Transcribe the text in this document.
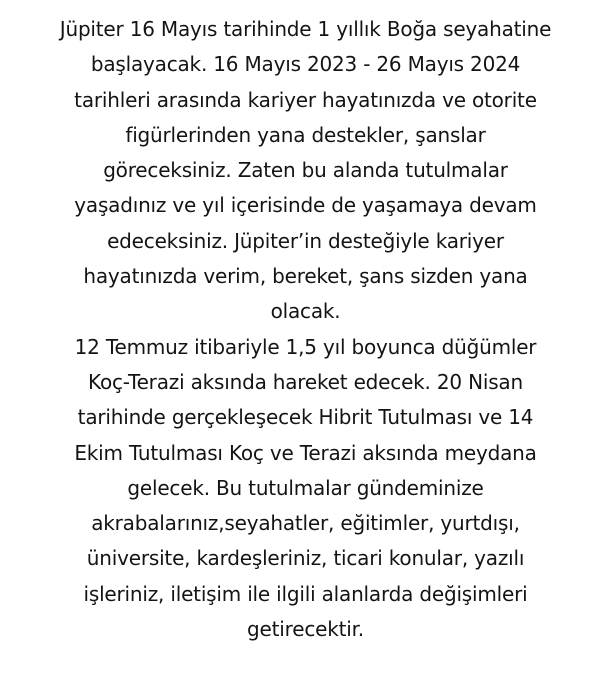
Jüpiter 16 Mayıs tarihinde 1 yıllık Boğa seyahatine
başlayacak. 16 Mayıs 2023 - 26 Mayıs 2024
tarihleri arasında kariyer hayatınızda ve otorite
figürlerinden yana destekler, şanslar
göreceksiniz. Zaten bu alanda tutulmalar
yaşadınız ve yıl içerisinde de yaşamaya devam
edeceksiniz. Jüpiter’in desteğiyle kariyer
hayatınızda verim, bereket, şans sizden yana
olacak.
12 Temmuz itibariyle 1,5 yıl boyunca düğümler
Koç-Terazi aksında hareket edecek. 20 Nisan
tarihinde gerçekleşecek Hibrit Tutulması ve 14
Ekim Tutulması Koç ve Terazi aksında meydana
gelecek. Bu tutulmalar gündeminize
akrabalarınız,seyahatler, eğitimler, yurtdışı,
üniversite, kardeşleriniz, ticari konular, yazılı
işleriniz, iletişim ile ilgili alanlarda değişimleri
getirecektir.
